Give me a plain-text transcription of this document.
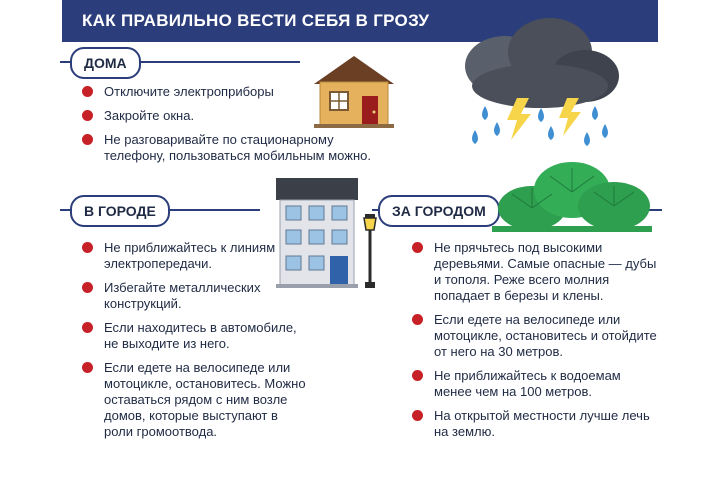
КАК ПРАВИЛЬНО ВЕСТИ СЕБЯ В ГРОЗУ
ДОМА
Отключите электроприборы
Закройте окна.
Не разговаривайте по стационарному телефону, пользоваться мобильным можно.
В ГОРОДЕ
Не приближайтесь к линиям электропередачи.
Избегайте металлических конструкций.
Если находитесь в автомобиле, не выходите из него.
Если едете на велосипеде или мотоцикле, остановитесь. Можно оставаться рядом с ним возле домов, которые выступают в роли громоотвода.
ЗА ГОРОДОМ
Не прячьтесь под высокими деревьями. Самые опасные — дубы и тополя. Реже всего молния попадает в березы и клены.
Если едете на велосипеде или мотоцикле, остановитесь и отойдите от него на 30 метров.
Не приближайтесь к водоемам менее чем на 100 метров.
На открытой местности лучше лечь на землю.
